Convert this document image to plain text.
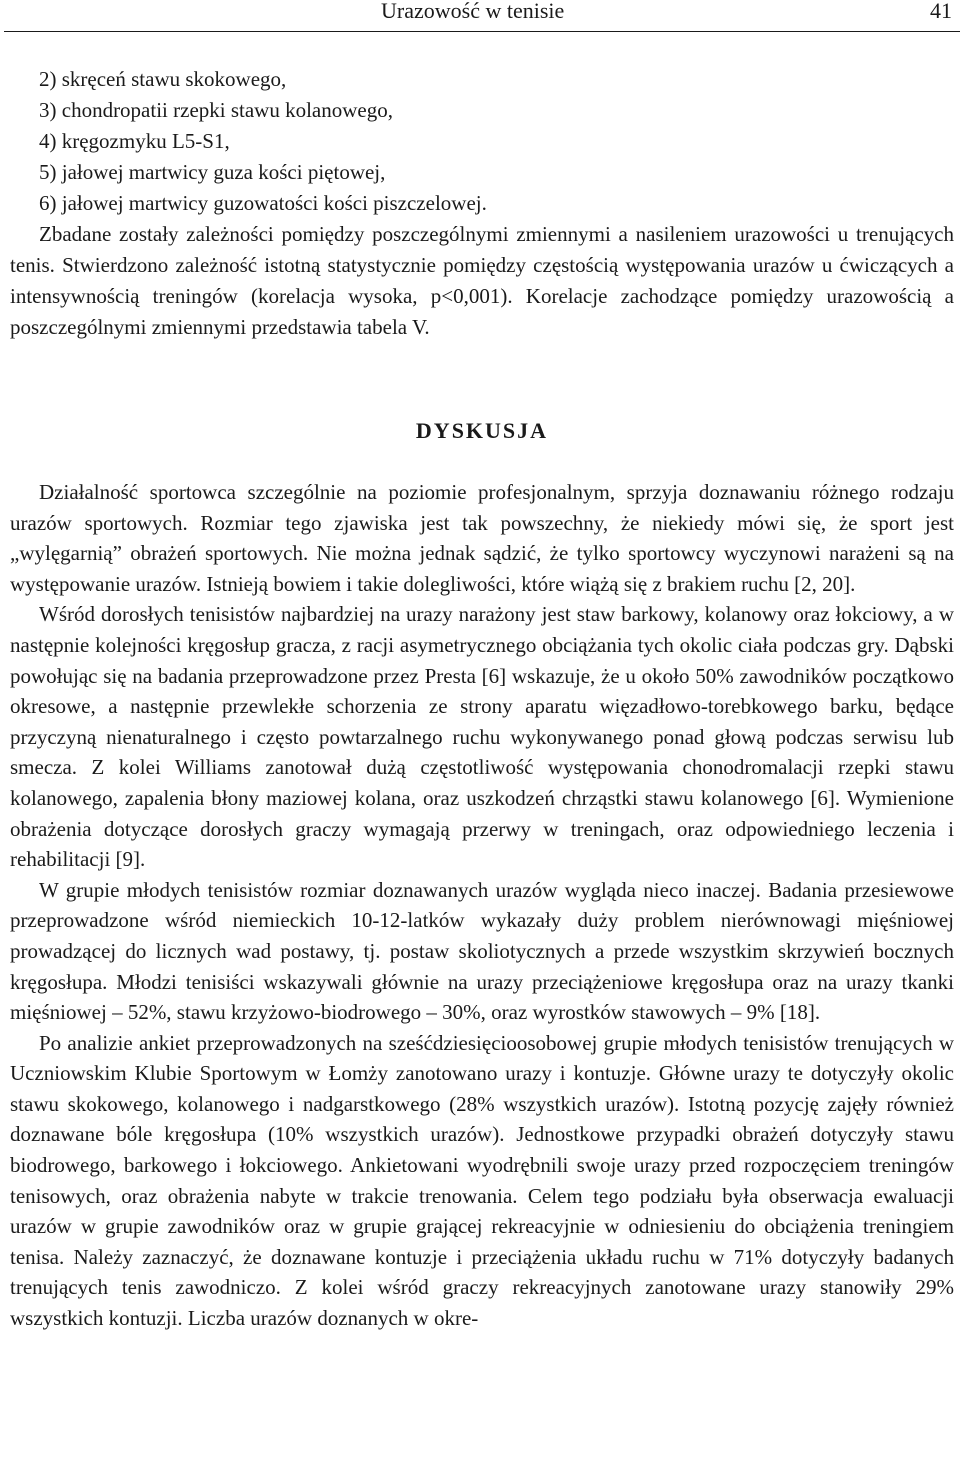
Urazowość w tenisie	41
2) skręceń stawu skokowego,
3) chondropatii rzepki stawu kolanowego,
4) kręgozmyku L5-S1,
5) jałowej martwicy guza kości piętowej,
6) jałowej martwicy guzowatości kości piszczelowej.

Zbadane zostały zależności pomiędzy poszczególnymi zmiennymi a nasileniem urazowości u trenujących tenis. Stwierdzono zależność istotną statystycznie pomiędzy częstością występowania urazów u ćwiczących a intensywnością treningów (korelacja wysoka, p<0,001). Korelacje zachodzące pomiędzy urazowością a poszczególnymi zmiennymi przedstawia tabela V.

DYSKUSJA

Działalność sportowca szczególnie na poziomie profesjonalnym, sprzyja doznawaniu różnego rodzaju urazów sportowych. Rozmiar tego zjawiska jest tak powszechny, że niekiedy mówi się, że sport jest „wylęgarnią” obrażeń sportowych. Nie można jednak sądzić, że tylko sportowcy wyczynowi narażeni są na występowanie urazów. Istnieją bowiem i takie dolegliwości, które wiążą się z brakiem ruchu [2, 20].

Wśród dorosłych tenisistów najbardziej na urazy narażony jest staw barkowy, kolanowy oraz łokciowy, a w następnie kolejności kręgosłup gracza, z racji asymetrycznego obciążania tych okolic ciała podczas gry. Dąbski powołując się na badania przeprowadzone przez Presta [6] wskazuje, że u około 50% zawodników początkowo okresowe, a następnie przewlekłe schorzenia ze strony aparatu więzadłowo-torebkowego barku, będące przyczyną nienaturalnego i często powtarzalnego ruchu wykonywanego ponad głową podczas serwisu lub smecza. Z kolei Williams zanotował dużą częstotliwość występowania chonodromalacji rzepki stawu kolanowego, zapalenia błony maziowej kolana, oraz uszkodzeń chrząstki stawu kolanowego [6]. Wymienione obrażenia dotyczące dorosłych graczy wymagają przerwy w treningach, oraz odpowiedniego leczenia i rehabilitacji [9].

W grupie młodych tenisistów rozmiar doznawanych urazów wygląda nieco inaczej. Badania przesiewowe przeprowadzone wśród niemieckich 10-12-latków wykazały duży problem nierównowagi mięśniowej prowadzącej do licznych wad postawy, tj. postaw skoliotycznych a przede wszystkim skrzywień bocznych kręgosłupa. Młodzi tenisiści wskazywali głównie na urazy przeciążeniowe kręgosłupa oraz na urazy tkanki mięśniowej – 52%, stawu krzyżowo-biodrowego – 30%, oraz wyrostków stawowych – 9% [18].

Po analizie ankiet przeprowadzonych na sześćdziesięcioosobowej grupie młodych tenisistów trenujących w Uczniowskim Klubie Sportowym w Łomży zanotowano urazy i kontuzje. Główne urazy te dotyczyły okolic stawu skokowego, kolanowego i nadgarstkowego (28% wszystkich urazów). Istotną pozycję zajęły również doznawane bóle kręgosłupa (10% wszystkich urazów). Jednostkowe przypadki obrażeń dotyczyły stawu biodrowego, barkowego i łokciowego. Ankietowani wyodrębnili swoje urazy przed rozpoczęciem treningów tenisowych, oraz obrażenia nabyte w trakcie trenowania. Celem tego podziału była obserwacja ewaluacji urazów w grupie zawodników oraz w grupie grającej rekreacyjnie w odniesieniu do obciążenia treningiem tenisa. Należy zaznaczyć, że doznawane kontuzje i przeciążenia układu ruchu w 71% dotyczyły badanych trenujących tenis zawodniczo. Z kolei wśród graczy rekreacyjnych zanotowane urazy stanowiły 29% wszystkich kontuzji. Liczba urazów doznanych w okre-
